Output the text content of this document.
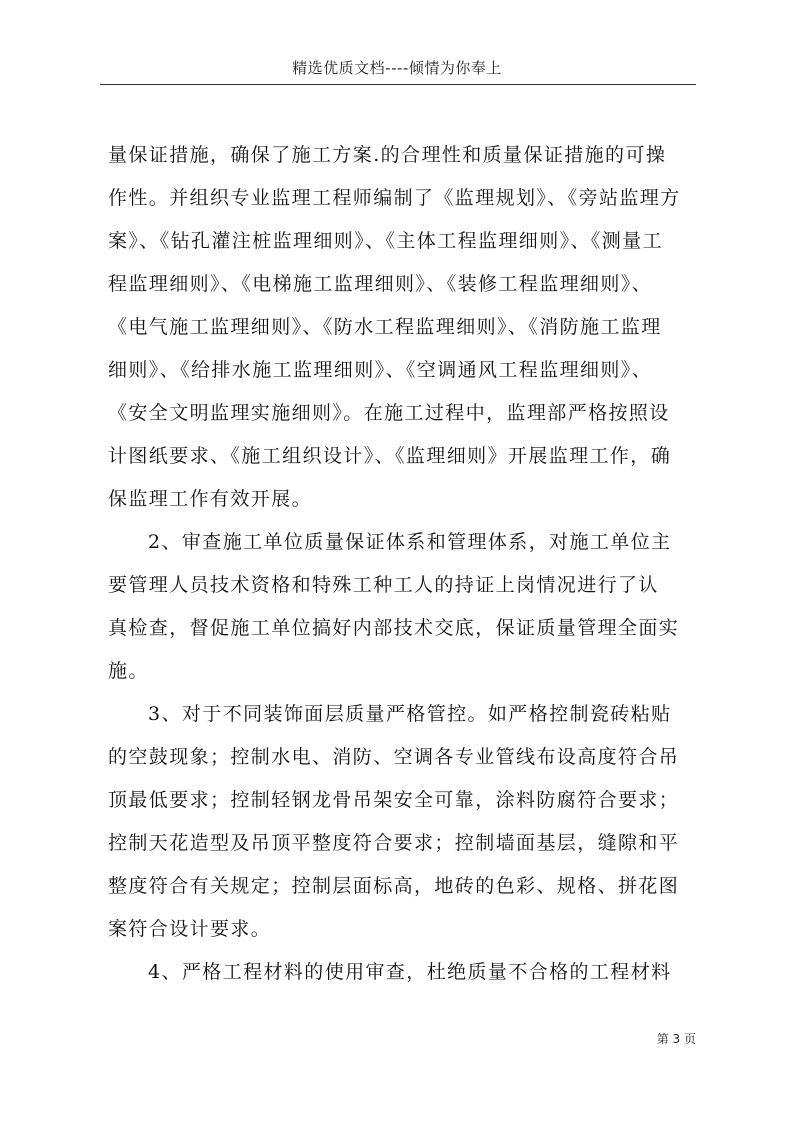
精选优质文档----倾情为你奉上
量保证措施，确保了施工方案.的合理性和质量保证措施的可操
作性。并组织专业监理工程师编制了《监理规划》、《旁站监理方
案》、《钻孔灌注桩监理细则》、《主体工程监理细则》、《测量工
程监理细则》、《电梯施工监理细则》、《装修工程监理细则》、
《电气施工监理细则》、《防水工程监理细则》、《消防施工监理
细则》、《给排水施工监理细则》、《空调通风工程监理细则》、
《安全文明监理实施细则》。在施工过程中，监理部严格按照设
计图纸要求、《施工组织设计》、《监理细则》开展监理工作，确
保监理工作有效开展。
2、审查施工单位质量保证体系和管理体系，对施工单位主
要管理人员技术资格和特殊工种工人的持证上岗情况进行了认
真检查，督促施工单位搞好内部技术交底，保证质量管理全面实
施。
3、对于不同装饰面层质量严格管控。如严格控制瓷砖粘贴
的空鼓现象；控制水电、消防、空调各专业管线布设高度符合吊
顶最低要求；控制轻钢龙骨吊架安全可靠，涂料防腐符合要求；
控制天花造型及吊顶平整度符合要求；控制墙面基层，缝隙和平
整度符合有关规定；控制层面标高，地砖的色彩、规格、拼花图
案符合设计要求。
4、严格工程材料的使用审查，杜绝质量不合格的工程材料
第 3 页
